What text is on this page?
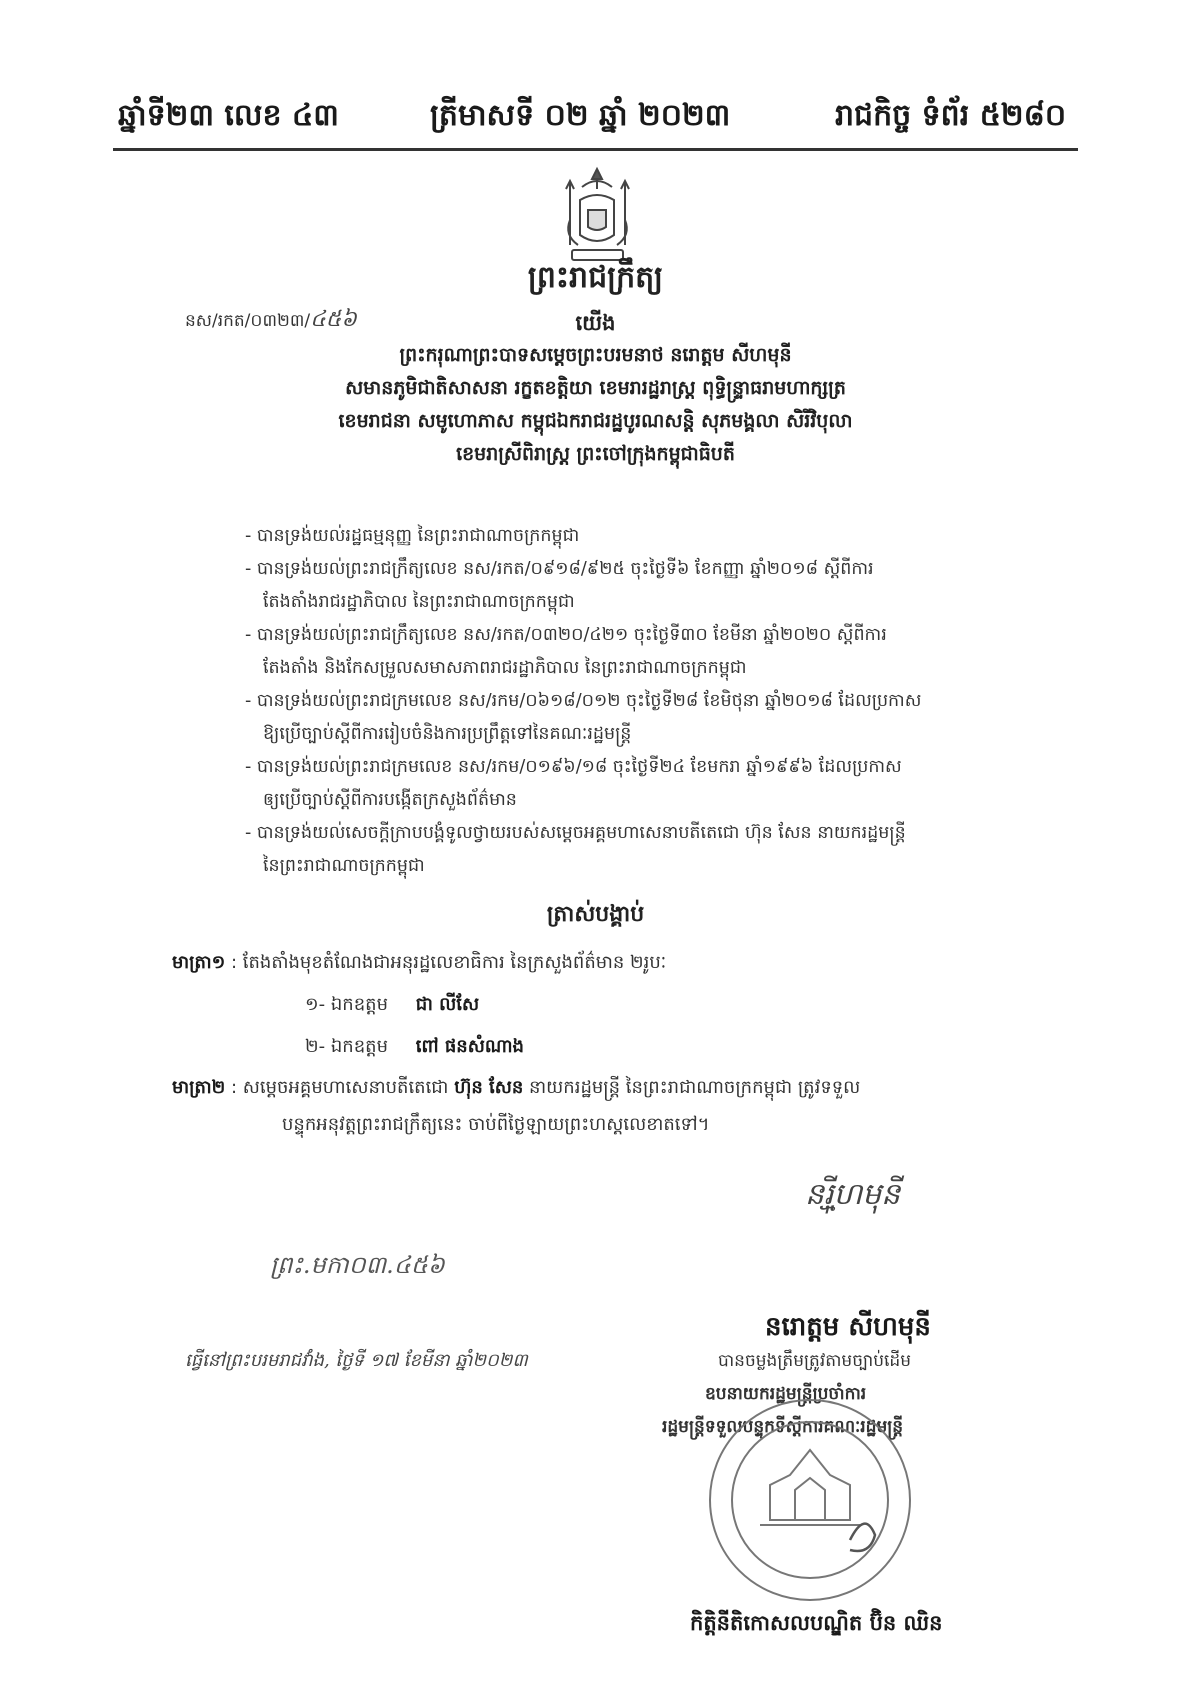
ឆ្នាំទី២៣ លេខ ៤៣	ត្រីមាសទី ០២ ឆ្នាំ ២០២៣	រាជកិច្ច ទំព័រ ៥២៨០
ព្រះរាជក្រឹត្យ
នស/រកត/០៣២៣/៤៥៦	យើង
ព្រះករុណាព្រះបាទសម្តេចព្រះបរមនាថ នរោត្តម សីហមុនី
សមានភូមិជាតិសាសនា រក្ខតខត្តិយា ខេមរារដ្ឋរាស្ត្រ ពុទ្ធិន្ទ្រាធរាមហាក្សត្រ
ខេមរាជនា សមូហោភាស កម្ពុជឯករាជរដ្ឋបូរណសន្តិ សុភមង្គលា សិរីវិបុលា
ខេមរាស្រីពិរាស្ត្រ ព្រះចៅក្រុងកម្ពុជាធិបតី
- បានទ្រង់យល់រដ្ឋធម្មនុញ្ញ នៃព្រះរាជាណាចក្រកម្ពុជា
- បានទ្រង់យល់ព្រះរាជក្រឹត្យលេខ នស/រកត/០៩១៨/៩២៥ ចុះថ្ងៃទី៦ ខែកញ្ញា ឆ្នាំ២០១៨ ស្តីពីការ
តែងតាំងរាជរដ្ឋាភិបាល នៃព្រះរាជាណាចក្រកម្ពុជា
- បានទ្រង់យល់ព្រះរាជក្រឹត្យលេខ នស/រកត/០៣២០/៤២១ ចុះថ្ងៃទី៣០ ខែមីនា ឆ្នាំ២០២០ ស្តីពីការ
តែងតាំង និងកែសម្រួលសមាសភាពរាជរដ្ឋាភិបាល នៃព្រះរាជាណាចក្រកម្ពុជា
- បានទ្រង់យល់ព្រះរាជក្រមលេខ នស/រកម/០៦១៨/០១២ ចុះថ្ងៃទី២៨ ខែមិថុនា ឆ្នាំ២០១៨ ដែលប្រកាស
ឱ្យប្រើច្បាប់ស្តីពីការរៀបចំនិងការប្រព្រឹត្តទៅនៃគណៈរដ្ឋមន្ត្រី
- បានទ្រង់យល់ព្រះរាជក្រមលេខ នស/រកម/០១៩៦/១៨ ចុះថ្ងៃទី២៤ ខែមករា ឆ្នាំ១៩៩៦ ដែលប្រកាស
ឲ្យប្រើច្បាប់ស្តីពីការបង្កើតក្រសួងព័ត៌មាន
- បានទ្រង់យល់សេចក្តីក្រាបបង្គំទូលថ្វាយរបស់សម្តេចអគ្គមហាសេនាបតីតេជោ ហ៊ុន សែន នាយករដ្ឋមន្ត្រី
នៃព្រះរាជាណាចក្រកម្ពុជា
ត្រាស់បង្គាប់
មាត្រា១ : តែងតាំងមុខតំណែងជាអនុរដ្ឋលេខាធិការ នៃក្រសួងព័ត៌មាន ២រូបៈ
១- ឯកឧត្តម ជា លីសែ
២- ឯកឧត្តម ពៅ ផនសំណាង
មាត្រា២ : សម្តេចអគ្គមហាសេនាបតីតេជោ ហ៊ុន សែន នាយករដ្ឋមន្ត្រី នៃព្រះរាជាណាចក្រកម្ពុជា ត្រូវទទួល
បន្ទុកអនុវត្តព្រះរាជក្រឹត្យនេះ ចាប់ពីថ្ងៃឡាយព្រះហស្តលេខាតទៅ។
នរ្ម៉ីហមុនី
ព្រះ.មកា០៣.៤៥៦
នរោត្តម សីហមុនី
ធ្វើនៅព្រះបរមរាជវាំង, ថ្ងៃទី ១៧ ខែមីនា ឆ្នាំ២០២៣	បានចម្លងត្រឹមត្រូវតាមច្បាប់ដើម
ឧបនាយករដ្ឋមន្ត្រីប្រចាំការ
រដ្ឋមន្ត្រីទទួលបន្ទុកទីស្តីការគណៈរដ្ឋមន្ត្រី
កិត្តិនីតិកោសលបណ្ឌិត ប៊ិន ឈិន
